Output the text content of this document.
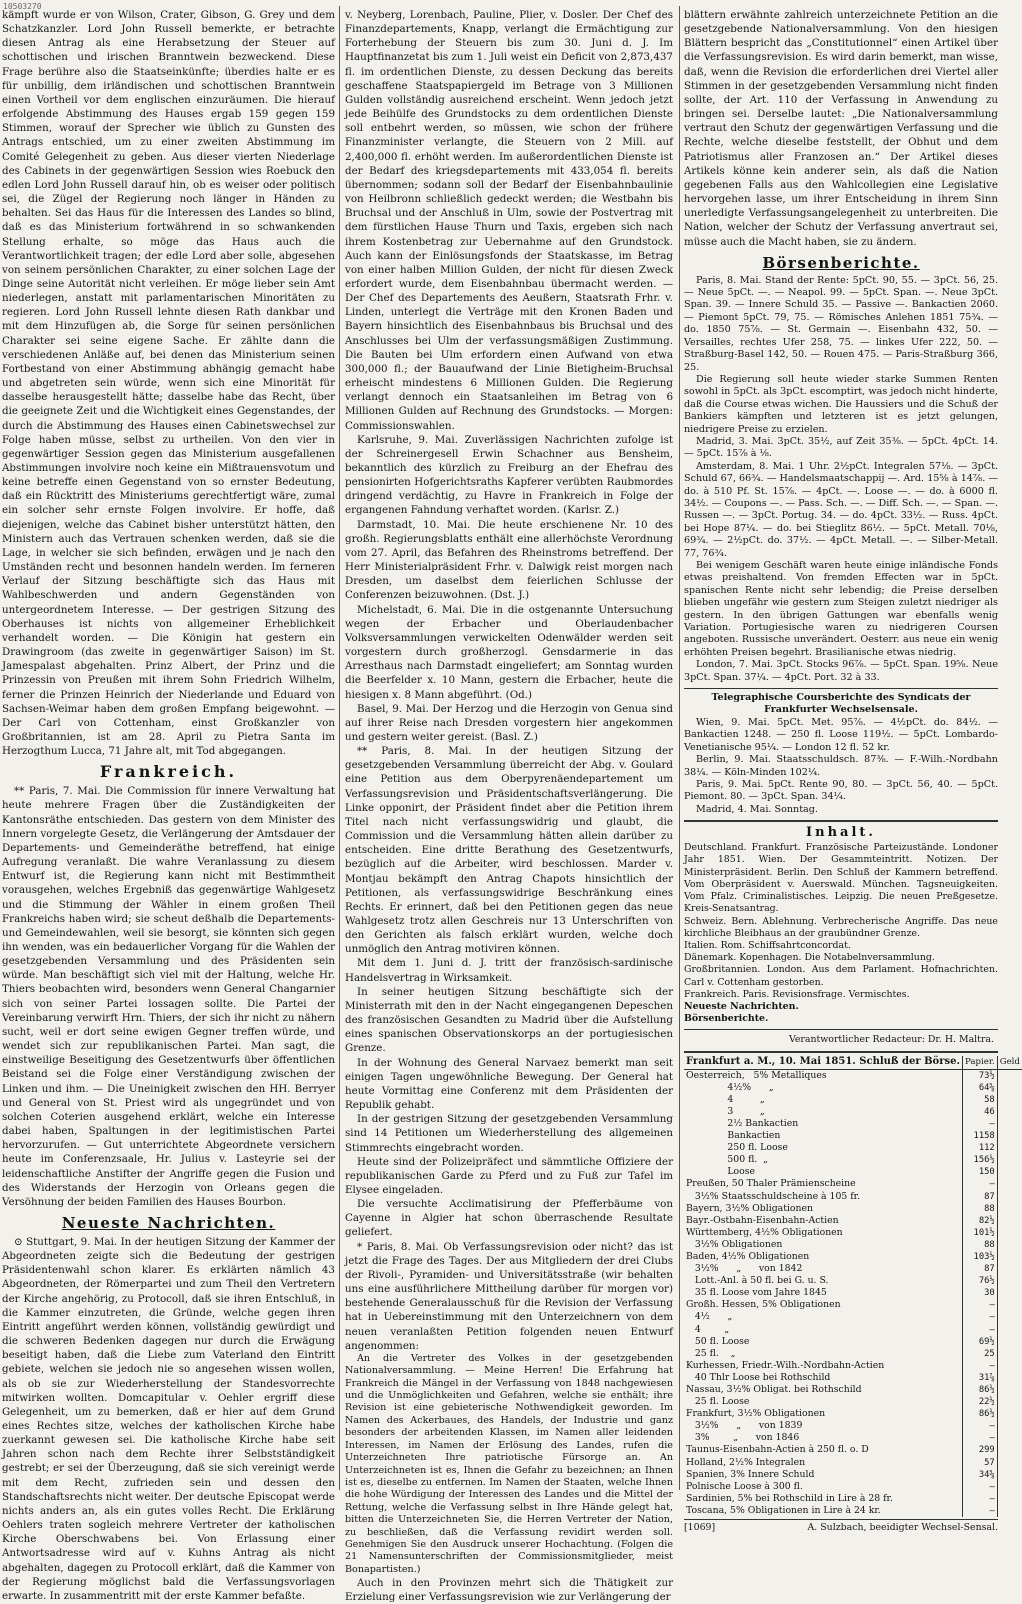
10503270

kämpft wurde er von Wilson, Crater, Gibson, G. Grey und dem Schatzkanzler. Lord John Russell bemerkte, er betrachte diesen Antrag als eine Herabsetzung der Steuer auf schottischen und irischen Branntwein bezweckend. Diese Frage berühre also die Staatseinkünfte; überdies halte er es für unbillig, dem irländischen und schottischen Branntwein einen Vortheil vor dem englischen einzuräumen. Die hierauf erfolgende Abstimmung des Hauses ergab 159 gegen 159 Stimmen, worauf der Sprecher wie üblich zu Gunsten des Antrags entschied, um zu einer zweiten Abstimmung im Comité Gelegenheit zu geben. Aus dieser vierten Niederlage des Cabinets in der gegenwärtigen Session wies Roebuck den edlen Lord John Russell darauf hin, ob es weiser oder politisch sei, die Zügel der Regierung noch länger in Händen zu behalten. Sei das Haus für die Interessen des Landes so blind, daß es das Ministerium fortwährend in so schwankenden Stellung erhalte, so möge das Haus auch die Verantwortlichkeit tragen; der edle Lord aber solle, abgesehen von seinem persönlichen Charakter, zu einer solchen Lage der Dinge seine Autorität nicht verleihen. Er möge lieber sein Amt niederlegen, anstatt mit parlamentarischen Minoritäten zu regieren. Lord John Russell lehnte diesen Rath dankbar und mit dem Hinzufügen ab, die Sorge für seinen persönlichen Charakter sei seine eigene Sache. Er zählte dann die verschiedenen Anläße auf, bei denen das Ministerium seinen Fortbestand von einer Abstimmung abhängig gemacht habe und abgetreten sein würde, wenn sich eine Minorität für dasselbe herausgestellt hätte; dasselbe habe das Recht, über die geeignete Zeit und die Wichtigkeit eines Gegenstandes, der durch die Abstimmung des Hauses einen Cabinetswechsel zur Folge haben müsse, selbst zu urtheilen. Von den vier in gegenwärtiger Session gegen das Ministerium ausgefallenen Abstimmungen involvire noch keine ein Mißtrauensvotum und keine betreffe einen Gegenstand von so ernster Bedeutung, daß ein Rücktritt des Ministeriums gerechtfertigt wäre, zumal ein solcher sehr ernste Folgen involvire. Er hoffe, daß diejenigen, welche das Cabinet bisher unterstützt hätten, den Ministern auch das Vertrauen schenken werden, daß sie die Lage, in welcher sie sich befinden, erwägen und je nach den Umständen recht und besonnen handeln werden. Im ferneren Verlauf der Sitzung beschäftigte sich das Haus mit Wahlbeschwerden und andern Gegenständen von untergeordnetem Interesse. — Der gestrigen Sitzung des Oberhauses ist nichts von allgemeiner Erheblichkeit verhandelt worden. — Die Königin hat gestern ein Drawingroom (das zweite in gegenwärtiger Saison) im St. Jamespalast abgehalten. Prinz Albert, der Prinz und die Prinzessin von Preußen mit ihrem Sohn Friedrich Wilhelm, ferner die Prinzen Heinrich der Niederlande und Eduard von Sachsen-Weimar haben dem großen Empfang beigewohnt. — Der Carl von Cottenham, einst Großkanzler von Großbritannien, ist am 28. April zu Pietra Santa im Herzogthum Lucca, 71 Jahre alt, mit Tod abgegangen.

Frankreich.

** Paris, 7. Mai. Die Commission für innere Verwaltung hat heute mehrere Fragen über die Zuständigkeiten der Kantonsräthe entschieden. Das gestern von dem Minister des Innern vorgelegte Gesetz, die Verlängerung der Amtsdauer der Departements- und Gemeinderäthe betreffend, hat einige Aufregung veranlaßt. Die wahre Veranlassung zu diesem Entwurf ist, die Regierung kann nicht mit Bestimmtheit vorausgehen, welches Ergebniß das gegenwärtige Wahlgesetz und die Stimmung der Wähler in einem großen Theil Frankreichs haben wird; sie scheut deßhalb die Departements- und Gemeindewahlen, weil sie besorgt, sie könnten sich gegen ihn wenden, was ein bedauerlicher Vorgang für die Wahlen der gesetzgebenden Versammlung und des Präsidenten sein würde. Man beschäftigt sich viel mit der Haltung, welche Hr. Thiers beobachten wird, besonders wenn General Changarnier sich von seiner Partei lossagen sollte. Die Partei der Vereinbarung verwirft Hrn. Thiers, der sich ihr nicht zu nähern sucht, weil er dort seine ewigen Gegner treffen würde, und wendet sich zur republikanischen Partei. Man sagt, die einstweilige Beseitigung des Gesetzentwurfs über öffentlichen Beistand sei die Folge einer Verständigung zwischen der Linken und ihm. — Die Uneinigkeit zwischen den HH. Berryer und General von St. Priest wird als ungegründet und von solchen Coterien ausgehend erklärt, welche ein Interesse dabei haben, Spaltungen in der legitimistischen Partei hervorzurufen. — Gut unterrichtete Abgeordnete versichern heute im Conferenzsaale, Hr. Julius v. Lasteyrie sei der leidenschaftliche Anstifter der Angriffe gegen die Fusion und des Widerstands der Herzogin von Orleans gegen die Versöhnung der beiden Familien des Hauses Bourbon.

Neueste Nachrichten.

⊙ Stuttgart, 9. Mai. In der heutigen Sitzung der Kammer der Abgeordneten zeigte sich die Bedeutung der gestrigen Präsidentenwahl schon klarer. Es erklärten nämlich 43 Abgeordneten, der Römerpartei und zum Theil den Vertretern der Kirche angehörig, zu Protocoll, daß sie ihren Entschluß, in die Kammer einzutreten, die Gründe, welche gegen ihren Eintritt angeführt werden können, vollständig gewürdigt und die schweren Bedenken dagegen nur durch die Erwägung beseitigt haben, daß die Liebe zum Vaterland den Eintritt gebiete, welchen sie jedoch nie so angesehen wissen wollen, als ob sie zur Wiederherstellung der Standesvorrechte mitwirken wollten. Domcapitular v. Oehler ergriff diese Gelegenheit, um zu bemerken, daß er hier auf dem Grund eines Rechtes sitze, welches der katholischen Kirche habe zuerkannt gewesen sei. Die katholische Kirche habe seit Jahren schon nach dem Rechte ihrer Selbstständigkeit gestrebt; er sei der Überzeugung, daß sie sich vereinigt werde mit dem Recht, zufrieden sein und dessen den Standschaftsrechts nicht weiter. Der deutsche Episcopat werde nichts anders an, als ein gutes volles Recht. Die Erklärung Oehlers traten sogleich mehrere Vertreter der katholischen Kirche Oberschwabens bei. Von Erlassung einer Antwortsadresse wird auf v. Kuhns Antrag als nicht abgehalten, dagegen zu Protocoll erklärt, daß die Kammer von der Regierung möglichst bald die Verfassungsvorlagen erwarte. In zusammentritt mit der erste Kammer befaßte.

v. Neyberg, Lorenbach, Pauline, Plier, v. Dosler. Der Chef des Finanzdepartements, Knapp, verlangt die Ermächtigung zur Forterhebung der Steuern bis zum 30. Juni d. J. Im Hauptfinanzetat bis zum 1. Juli weist ein Deficit von 2,873,437 fl. im ordentlichen Dienste, zu dessen Deckung das bereits geschaffene Staatspapiergeld im Betrage von 3 Millionen Gulden vollständig ausreichend erscheint. Wenn jedoch jetzt jede Beihülfe des Grundstocks zu dem ordentlichen Dienste soll entbehrt werden, so müssen, wie schon der frühere Finanzminister verlangte, die Steuern von 2 Mill. auf 2,400,000 fl. erhöht werden. Im außerordentlichen Dienste ist der Bedarf des kriegsdepartements mit 433,054 fl. bereits übernommen; sodann soll der Bedarf der Eisenbahnbaulinie von Heilbronn schließlich gedeckt werden; die Westbahn bis Bruchsal und der Anschluß in Ulm, sowie der Postvertrag mit dem fürstlichen Hause Thurn und Taxis, ergeben sich nach ihrem Kostenbetrag zur Uebernahme auf den Grundstock. Auch kann der Einlösungsfonds der Staatskasse, im Betrag von einer halben Million Gulden, der nicht für diesen Zweck erfordert wurde, dem Eisenbahnbau übermacht werden. — Der Chef des Departements des Aeußern, Staatsrath Frhr. v. Linden, unterlegt die Verträge mit den Kronen Baden und Bayern hinsichtlich des Eisenbahnbaus bis Bruchsal und des Anschlusses bei Ulm der verfassungsmäßigen Zustimmung. Die Bauten bei Ulm erfordern einen Aufwand von etwa 300,000 fl.; der Bauaufwand der Linie Bietigheim-Bruchsal erheischt mindestens 6 Millionen Gulden. Die Regierung verlangt dennoch ein Staatsanleihen im Betrag von 6 Millionen Gulden auf Rechnung des Grundstocks. — Morgen: Commissionswahlen.

Karlsruhe, 9. Mai. Zuverlässigen Nachrichten zufolge ist der Schreinergesell Erwin Schachner aus Bensheim, bekanntlich des kürzlich zu Freiburg an der Ehefrau des pensionirten Hofgerichtsraths Kapferer verübten Raubmordes dringend verdächtig, zu Havre in Frankreich in Folge der ergangenen Fahndung verhaftet worden. (Karlsr. Z.)

Darmstadt, 10. Mai. Die heute erschienene Nr. 10 des großh. Regierungsblatts enthält eine allerhöchste Verordnung vom 27. April, das Befahren des Rheinstroms betreffend. Der Herr Ministerialpräsident Frhr. v. Dalwigk reist morgen nach Dresden, um daselbst dem feierlichen Schlusse der Conferenzen beizuwohnen. (Dst. J.)

Michelstadt, 6. Mai. Die in die ostgenannte Untersuchung wegen der Erbacher und Oberlaudenbacher Volksversammlungen verwickelten Odenwälder werden seit vorgestern durch großherzogl. Gensdarmerie in das Arresthaus nach Darmstadt eingeliefert; am Sonntag wurden die Beerfelder x. 10 Mann, gestern die Erbacher, heute die hiesigen x. 8 Mann abgeführt. (Od.)

Basel, 9. Mai. Der Herzog und die Herzogin von Genua sind auf ihrer Reise nach Dresden vorgestern hier angekommen und gestern weiter gereist. (Basl. Z.)

** Paris, 8. Mai. In der heutigen Sitzung der gesetzgebenden Versammlung überreicht der Abg. v. Goulard eine Petition aus dem Oberpyrenäendepartement um Verfassungsrevision und Präsidentschaftsverlängerung. Die Linke opponirt, der Präsident findet aber die Petition ihrem Titel nach nicht verfassungswidrig und glaubt, die Commission und die Versammlung hätten allein darüber zu entscheiden. Eine dritte Berathung des Gesetzentwurfs, bezüglich auf die Arbeiter, wird beschlossen. Marder v. Montjau bekämpft den Antrag Chapots hinsichtlich der Petitionen, als verfassungswidrige Beschränkung eines Rechts. Er erinnert, daß bei den Petitionen gegen das neue Wahlgesetz trotz allen Geschreis nur 13 Unterschriften von den Gerichten als falsch erklärt wurden, welche doch unmöglich den Antrag motiviren können.

Mit dem 1. Juni d. J. tritt der französisch-sardinische Handelsvertrag in Wirksamkeit.

In seiner heutigen Sitzung beschäftigte sich der Ministerrath mit den in der Nacht eingegangenen Depeschen des französischen Gesandten zu Madrid über die Aufstellung eines spanischen Observationskorps an der portugiesischen Grenze.

In der Wohnung des General Narvaez bemerkt man seit einigen Tagen ungewöhnliche Bewegung. Der General hat heute Vormittag eine Conferenz mit dem Präsidenten der Republik gehabt.

In der gestrigen Sitzung der gesetzgebenden Versammlung sind 14 Petitionen um Wiederherstellung des allgemeinen Stimmrechts eingebracht worden.

Heute sind der Polizeipräfect und sämmtliche Offiziere der republikanischen Garde zu Pferd und zu Fuß zur Tafel im Elysee eingeladen.

Die versuchte Acclimatisirung der Pfefferbäume von Cayenne in Algier hat schon überraschende Resultate geliefert.

* Paris, 8. Mai. Ob Verfassungsrevision oder nicht? das ist jetzt die Frage des Tages. Der aus Mitgliedern der drei Clubs der Rivoli-, Pyramiden- und Universitätsstraße (wir behalten uns eine ausführlichere Mittheilung darüber für morgen vor) bestehende Generalausschuß für die Revision der Verfassung hat in Uebereinstimmung mit den Unterzeichnern von dem neuen veranlaßten Petition folgenden neuen Entwurf angenommen:

An die Vertreter des Volkes in der gesetzgebenden Nationalversammlung. — Meine Herren! Die Erfahrung hat Frankreich die Mängel in der Verfassung von 1848 nachgewiesen und die Unmöglichkeiten und Gefahren, welche sie enthält; ihre Revision ist eine gebieterische Nothwendigkeit geworden. Im Namen des Ackerbaues, des Handels, der Industrie und ganz besonders der arbeitenden Klassen, im Namen aller leidenden Interessen, im Namen der Erlösung des Landes, rufen die Unterzeichneten Ihre patriotische Fürsorge an. An Unterzeichneten ist es, Ihnen die Gefahr zu bezeichnen; an Ihnen ist es, dieselbe zu entfernen. Im Namen der Staaten, welche Ihnen die hohe Würdigung der Interessen des Landes und die Mittel der Rettung, welche die Verfassung selbst in Ihre Hände gelegt hat, bitten die Unterzeichneten Sie, die Herren Vertreter der Nation, zu beschließen, daß die Verfassung revidirt werden soll. Genehmigen Sie den Ausdruck unserer Hochachtung. (Folgen die 21 Namensunterschriften der Commissionsmitglieder, meist Bonapartisten.)

Auch in den Provinzen mehrt sich die Thätigkeit zur Erzielung einer Verfassungsrevision wie zur Verlängerung der

blättern erwähnte zahlreich unterzeichnete Petition an die gesetzgebende Nationalversammlung. Von den hiesigen Blättern bespricht das „Constitutionnel“ einen Artikel über die Verfassungsrevision. Es wird darin bemerkt, man wisse, daß, wenn die Revision die erforderlichen drei Viertel aller Stimmen in der gesetzgebenden Versammlung nicht finden sollte, der Art. 110 der Verfassung in Anwendung zu bringen sei. Derselbe lautet: „Die Nationalversammlung vertraut den Schutz der gegenwärtigen Verfassung und die Rechte, welche dieselbe feststellt, der Obhut und dem Patriotismus aller Franzosen an.“ Der Artikel dieses Artikels könne kein anderer sein, als daß die Nation gegebenen Falls aus den Wahlcollegien eine Legislative hervorgehen lasse, um ihrer Entscheidung in ihrem Sinn unerledigte Verfassungsangelegenheit zu unterbreiten. Die Nation, welcher der Schutz der Verfassung anvertraut sei, müsse auch die Macht haben, sie zu ändern.

Börsenberichte.

Paris, 8. Mai. Stand der Rente: 5pCt. 90, 55. — 3pCt. 56, 25. — Neue 5pCt. —. — Neapol. 99. — 5pCt. Span. —. Neue 3pCt. Span. 39. — Innere Schuld 35. — Passive —. Bankactien 2060. — Piemont 5pCt. 79, 75. — Römisches Anlehen 1851 75¾. — do. 1850 75⅞. — St. Germain —. Eisenbahn 432, 50. — Versailles, rechtes Ufer 258, 75. — linkes Ufer 222, 50. — Straßburg-Basel 142, 50. — Rouen 475. — Paris-Straßburg 366, 25.

Die Regierung soll heute wieder starke Summen Renten sowohl in 5pCt. als 3pCt. escomptirt, was jedoch nicht hinderte, daß die Course etwas wichen. Die Haussiers und die Schuß der Bankiers kämpften und letzteren ist es jetzt gelungen, niedrigere Preise zu erzielen.

Madrid, 3. Mai. 3pCt. 35½, auf Zeit 35⅜. — 5pCt. 4pCt. 14. — 5pCt. 15⅞ à ⅛.

Amsterdam, 8. Mai. 1 Uhr. 2½pCt. Integralen 57⅛. — 3pCt. Schuld 67, 66¾. — Handelsmaatschappij —. Ard. 15⅝ à 14⅞. — do. à 510 Pf. St. 15⅞. — 4pCt. —. Loose —. — do. à 6000 fl. 34½. — Coupons —. — Pass. Sch. —. — Diff. Sch. —. — Span. —. Russen —. — 3pCt. Portug. 34. — do. 4pCt. 33½. — Russ. 4pCt. bei Hope 87¼. — do. bei Stieglitz 86½. — 5pCt. Metall. 70⅛, 69¾. — 2½pCt. do. 37½. — 4pCt. Metall. —. — Silber-Metall. 77, 76¾.

Bei wenigem Geschäft waren heute einige inländische Fonds etwas preishaltend. Von fremden Effecten war in 5pCt. spanischen Rente nicht sehr lebendig; die Preise derselben blieben ungefähr wie gestern zum Steigen zuletzt niedriger als gestern. In den übrigen Gattungen war ebenfalls wenig Variation. Portugiesische waren zu niedrigeren Coursen angeboten. Russische unverändert. Oesterr. aus neue ein wenig erhöhten Preisen begehrt. Brasilianische etwas niedrig.

London, 7. Mai. 3pCt. Stocks 96⅞. — 5pCt. Span. 19⅝. Neue 3pCt. Span. 37¼. — 4pCt. Port. 32 à 33.

Telegraphische Coursberichte des Syndicats der Frankfurter Wechselsensale.

Wien, 9. Mai. 5pCt. Met. 95⅞. — 4½pCt. do. 84½. — Bankactien 1248. — 250 fl. Loose 119½. — 5pCt. Lombardo-Venetianische 95¼. — London 12 fl. 52 kr.

Berlin, 9. Mai. Staatsschuldsch. 87⅜. — F.-Wilh.-Nordbahn 38¼. — Köln-Minden 102¼.

Paris, 9. Mai. 5pCt. Rente 90, 80. — 3pCt. 56, 40. — 5pCt. Piemont. 80. — 3pCt. Span. 34¼.

Madrid, 4. Mai. Sonntag.

Inhalt.

Deutschland. Frankfurt. Französische Parteizustände. Londoner Jahr 1851. Wien. Der Gesammteintritt. Notizen. Der Ministerpräsident. Berlin. Den Schluß der Kammern betreffend. Vom Oberpräsident v. Auerswald. München. Tagsneuigkeiten. Vom Pfalz. Criminalistisches. Leipzig. Die neuen Preßgesetze. Kreis-Senatsantrag.

Schweiz. Bern. Ablehnung. Verbrecherische Angriffe. Das neue kirchliche Bleibhaus an der graubündner Grenze.

Italien. Rom. Schiffsahrtconcordat.

Dänemark. Kopenhagen. Die Notabelnversammlung.

Großbritannien. London. Aus dem Parlament. Hofnachrichten. Carl v. Cottenham gestorben.

Frankreich. Paris. Revisionsfrage. Vermischtes.

Neueste Nachrichten.

Börsenberichte.

Verantwortlicher Redacteur: Dr. H. Maltra.
Frankfurt a. M., 10. Mai 1851. Schluß der Börse.	Papier.	Geld
Oesterreich,   5% Metalliques	73½	
4½%      „	64⅝	
4         „	58	
3         „	46	
2½ Bankactien	—	
Bankactien	1158	
250 fl. Loose	112	
500 fl.  „	156½	
Loose	150	
Preußen, 50 Thaler Prämienscheine	—	
3½% Staatsschuldscheine à 105 fr.	87	
Bayern, 3½% Obligationen	88	
Bayr.-Ostbahn-Eisenbahn-Actien	82½	
Württemberg, 4½% Obligationen	101½	
3½% Obligationen	88	
Baden, 4½% Obligationen	103½	
3½%      „      von 1842	87	
Lott.-Anl. à 50 fl. bei G. u. S.	76½	
35 fl. Loose vom Jahre 1845	30	
Großh. Hessen, 5% Obligationen	—	
4½      „	—	
4        „	—	
50 fl. Loose	69½	
25 fl.    „	25	
Kurhessen, Friedr.-Wilh.-Nordbahn-Actien	—	
40 Thlr Loose bei Rothschild	31⅞	
Nassau, 3½% Obligat. bei Rothschild	86½	
25 fl. Loose	22½	
Frankfurt, 3½% Obligationen	86½	
3½%      „      von 1839	—	
3%        „      von 1846	—	
Taunus-Eisenbahn-Actien à 250 fl. o. D	299	
Holland, 2½% Integralen	57	
Spanien, 3% Innere Schuld	34⅝	
Polnische Loose à 300 fl.	—	
Sardinien, 5% bei Rothschild in Lire à 28 fr.	—	
Toscana, 5% Obligationen in Lire à 24 kr.	—	
[1069]	A. Sulzbach, beeidigter Wechsel-Sensal.
